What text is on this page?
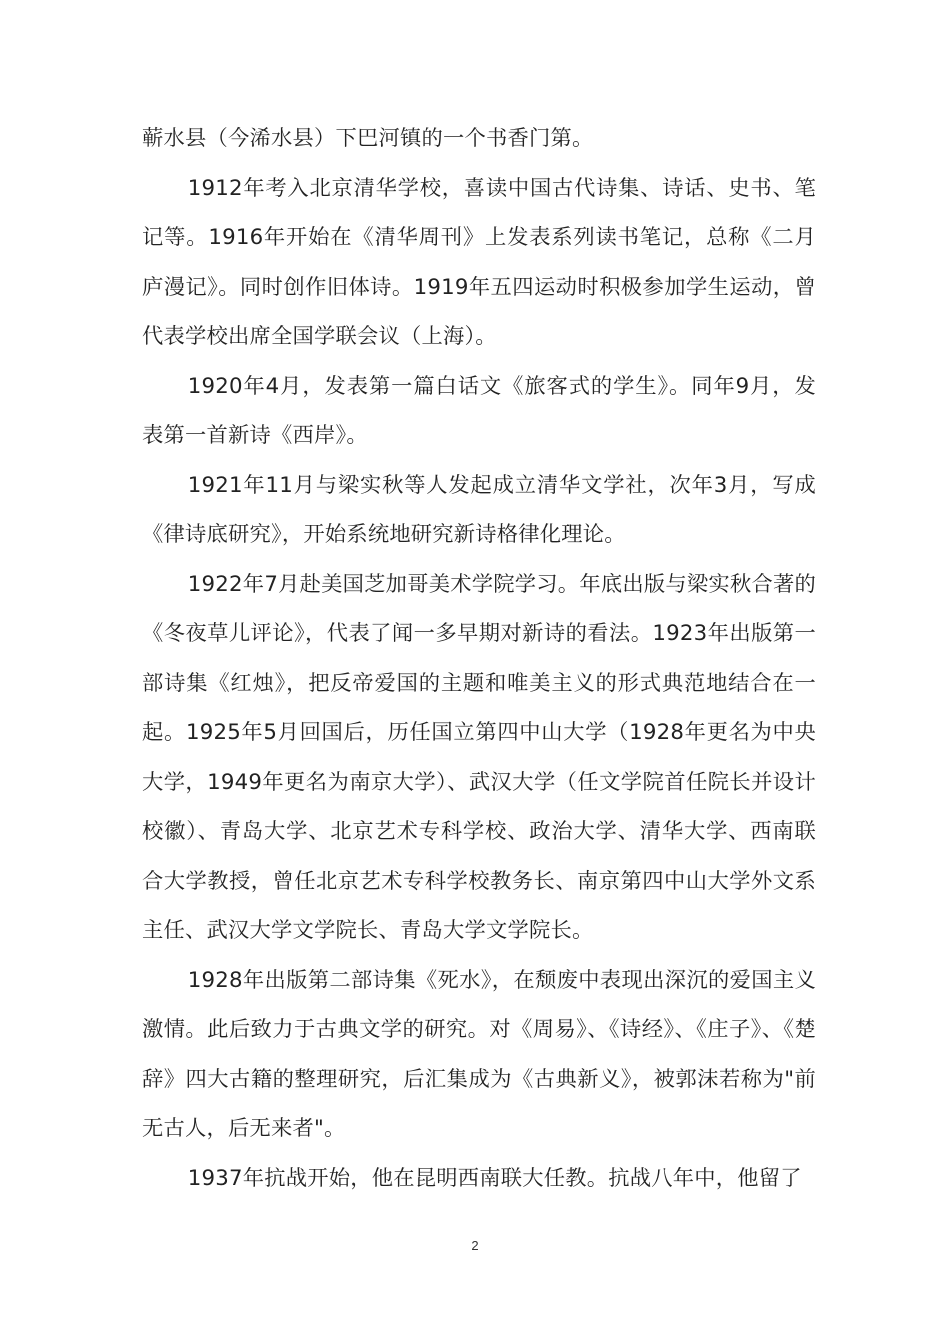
蕲水县（今浠水县）下巴河镇的一个书香门第。

1912年考入北京清华学校，喜读中国古代诗集、诗话、史书、笔记等。1916年开始在《清华周刊》上发表系列读书笔记，总称《二月庐漫记》。同时创作旧体诗。1919年五四运动时积极参加学生运动，曾代表学校出席全国学联会议（上海）。

1920年4月，发表第一篇白话文《旅客式的学生》。同年9月，发表第一首新诗《西岸》。

1921年11月与梁实秋等人发起成立清华文学社，次年3月，写成《律诗底研究》，开始系统地研究新诗格律化理论。

1922年7月赴美国芝加哥美术学院学习。年底出版与梁实秋合著的《冬夜草儿评论》，代表了闻一多早期对新诗的看法。1923年出版第一部诗集《红烛》，把反帝爱国的主题和唯美主义的形式典范地结合在一起。1925年5月回国后，历任国立第四中山大学（1928年更名为中央大学，1949年更名为南京大学）、武汉大学（任文学院首任院长并设计校徽）、青岛大学、北京艺术专科学校、政治大学、清华大学、西南联合大学教授，曾任北京艺术专科学校教务长、南京第四中山大学外文系主任、武汉大学文学院长、青岛大学文学院长。

1928年出版第二部诗集《死水》，在颓废中表现出深沉的爱国主义激情。此后致力于古典文学的研究。对《周易》、《诗经》、《庄子》、《楚辞》四大古籍的整理研究，后汇集成为《古典新义》，被郭沫若称为"前无古人，后无来者"。

1937年抗战开始，他在昆明西南联大任教。抗战八年中，他留了

2
